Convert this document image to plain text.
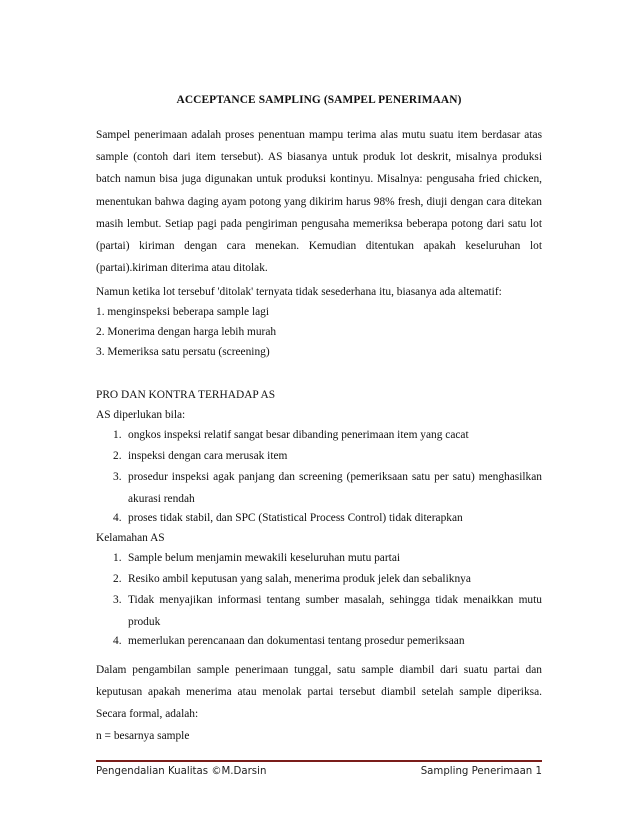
ACCEPTANCE SAMPLING (SAMPEL PENERIMAAN)

Sampel penerimaan adalah proses penentuan mampu terima alas mutu suatu item berdasar atas sample (contoh dari item tersebut). AS biasanya untuk produk lot deskrit, misalnya produksi batch namun bisa juga digunakan untuk produksi kontinyu. Misalnya: pengusaha fried chicken, menentukan bahwa daging ayam potong yang dikirim harus 98% fresh, diuji dengan cara ditekan masih lembut. Setiap pagi pada pengiriman pengusaha memeriksa beberapa potong dari satu lot (partai) kiriman dengan cara menekan. Kemudian ditentukan apakah keseluruhan lot (partai).kiriman diterima atau ditolak.

Namun ketika lot tersebuf 'ditolak' ternyata tidak sesederhana itu, biasanya ada altematif:

1. menginspeksi beberapa sample lagi

2. Monerima dengan harga lebih murah

3. Memeriksa satu persatu (screening)

PRO DAN KONTRA TERHADAP AS

AS diperlukan bila:

1. ongkos inspeksi relatif sangat besar dibanding penerimaan item yang cacat
2. inspeksi dengan cara merusak item
3. prosedur inspeksi agak panjang dan screening (pemeriksaan satu per satu) menghasilkan akurasi rendah
4. proses tidak stabil, dan SPC (Statistical Process Control) tidak diterapkan

Kelamahan AS

1. Sample belum menjamin mewakili keseluruhan mutu partai
2. Resiko ambil keputusan yang salah, menerima produk jelek dan sebaliknya
3. Tidak menyajikan informasi tentang sumber masalah, sehingga tidak menaikkan mutu produk
4. memerlukan perencanaan dan dokumentasi tentang prosedur pemeriksaan

Dalam pengambilan sample penerimaan tunggal, satu sample diambil dari suatu partai dan keputusan apakah menerima atau menolak partai tersebut diambil setelah sample diperiksa. Secara formal, adalah:

n = besarnya sample

Pengendalian Kualitas ©M.Darsin	Sampling Penerimaan 1
